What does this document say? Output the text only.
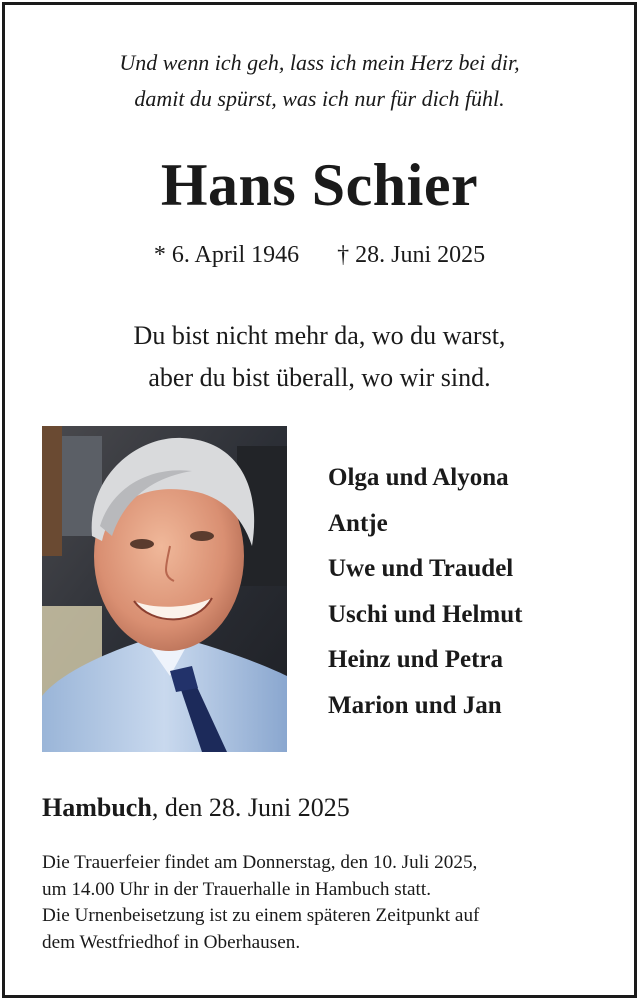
Und wenn ich geh, lass ich mein Herz bei dir,
damit du spürst, was ich nur für dich fühl.
Hans Schier
* 6. April 1946 † 28. Juni 2025
Du bist nicht mehr da, wo du warst,
aber du bist überall, wo wir sind.
Olga und Alyona
Antje
Uwe und Traudel
Uschi und Helmut
Heinz und Petra
Marion und Jan
Hambuch, den 28. Juni 2025
Die Trauerfeier findet am Donnerstag, den 10. Juli 2025,
um 14.00 Uhr in der Trauerhalle in Hambuch statt.
Die Urnenbeisetzung ist zu einem späteren Zeitpunkt auf
dem Westfriedhof in Oberhausen.
